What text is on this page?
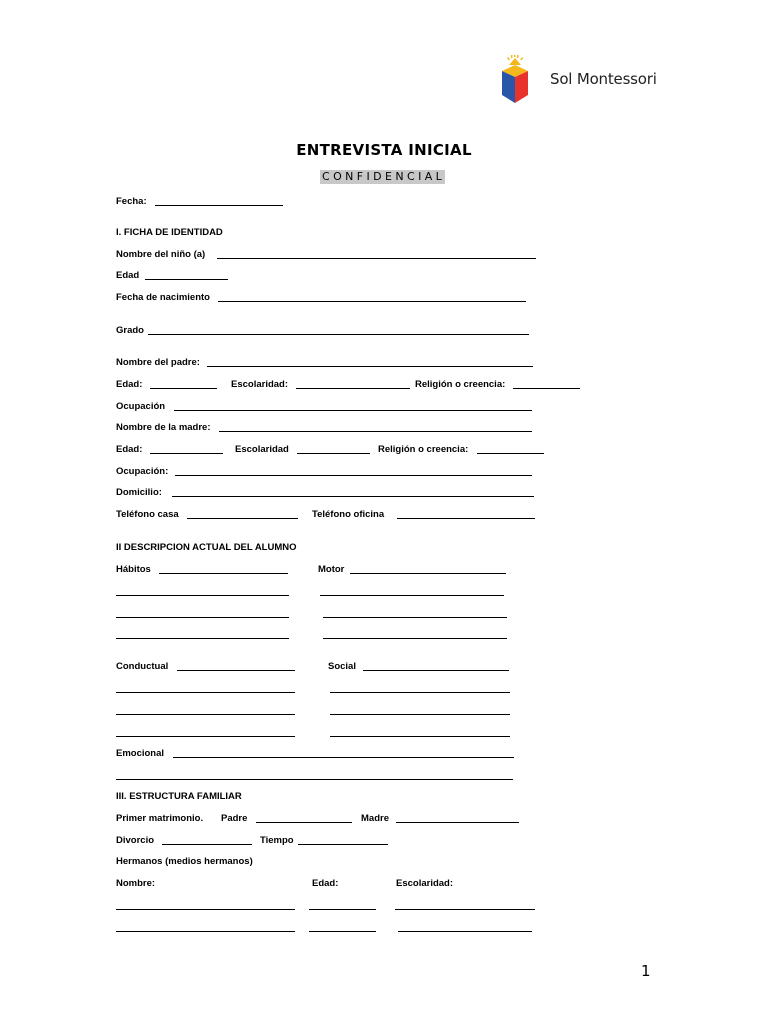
Sol Montessori
ENTREVISTA INICIAL
CONFIDENCIAL
Fecha:
I. FICHA DE IDENTIDAD
Nombre del niño (a)
Edad
Fecha de nacimiento
Grado
Nombre del padre:
Edad:	Escolaridad:	Religión o creencia:
Ocupación
Nombre de la madre:
Edad:	Escolaridad	Religión o creencia:
Ocupación:
Domicilio:
Teléfono casa	Teléfono oficina
II DESCRIPCION ACTUAL DEL ALUMNO
Hábitos	Motor
Conductual	Social
Emocional
III. ESTRUCTURA FAMILIAR
Primer matrimonio. Padre	Madre
Divorcio	Tiempo
Hermanos (medios hermanos)
Nombre:	Edad:	Escolaridad:
1
